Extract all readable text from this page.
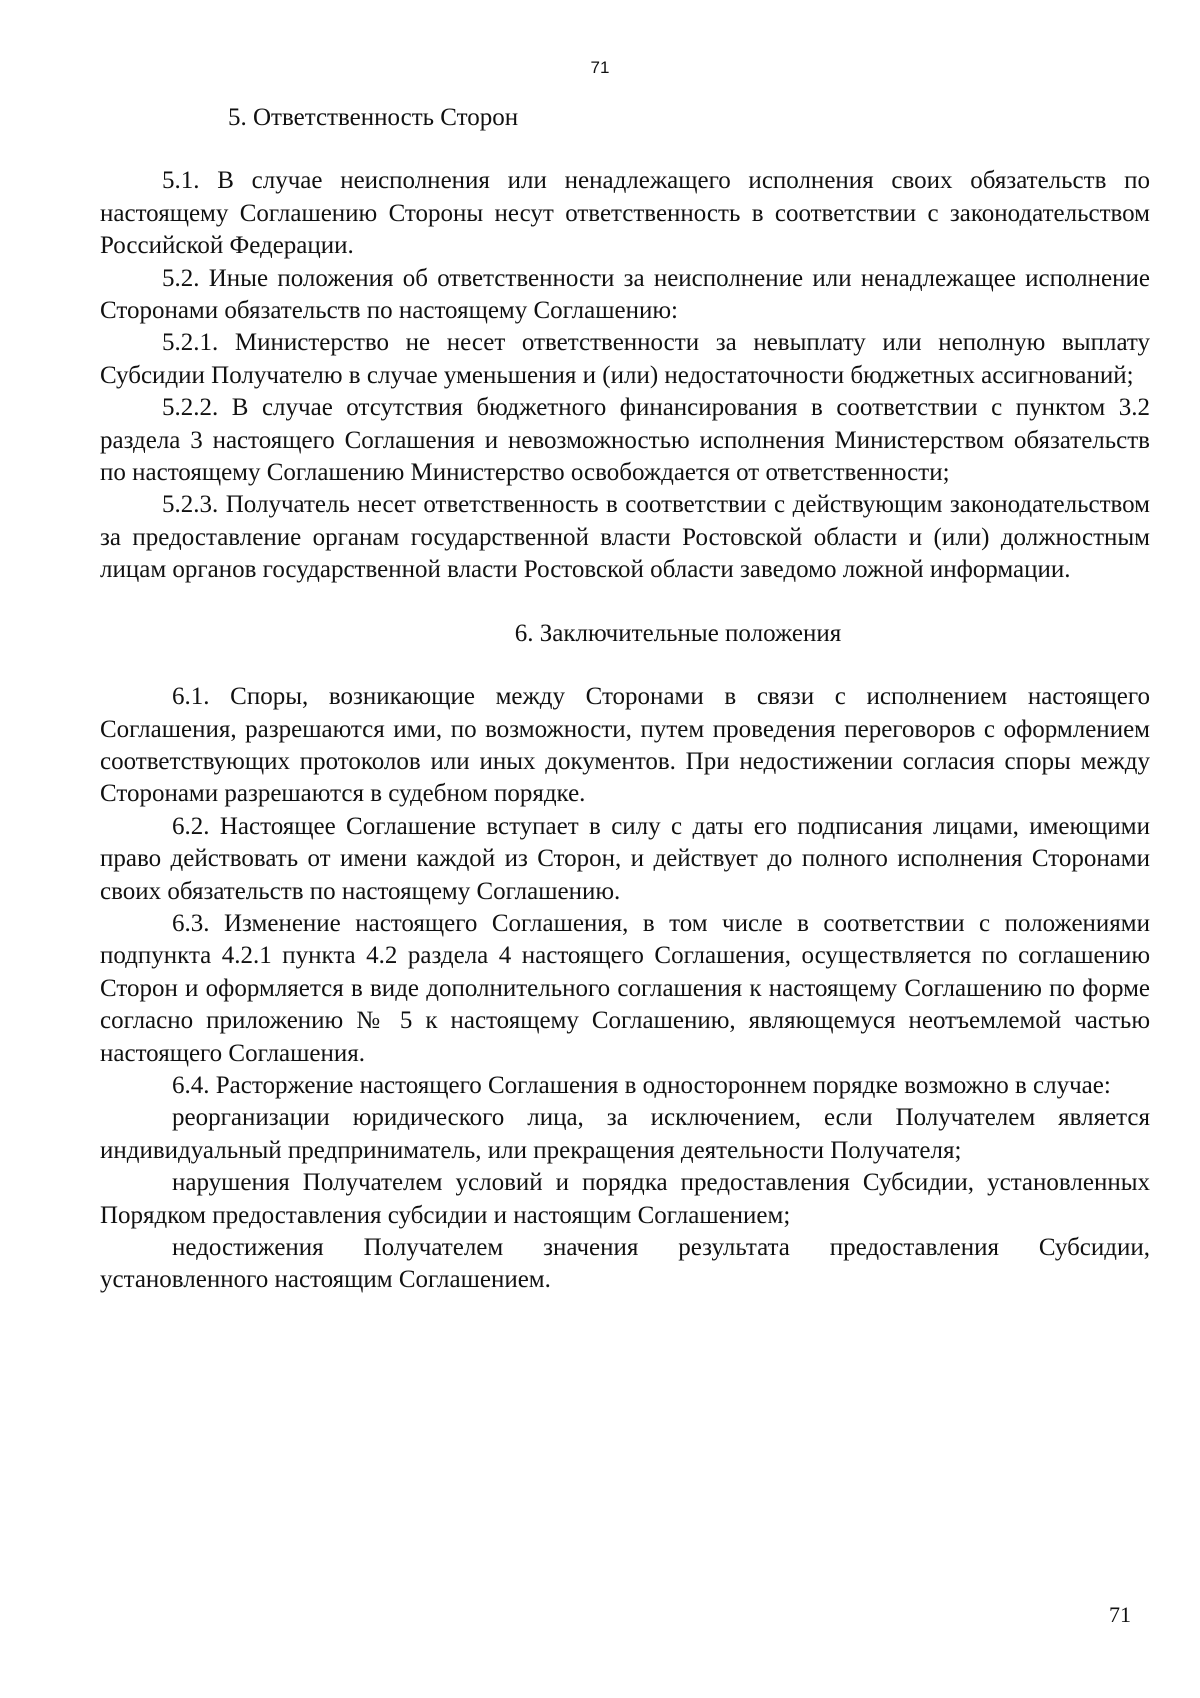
71
5. Ответственность Сторон

5.1. В случае неисполнения или ненадлежащего исполнения своих обязательств по настоящему Соглашению Стороны несут ответственность в соответствии с законодательством Российской Федерации.

5.2. Иные положения об ответственности за неисполнение или ненадлежащее исполнение Сторонами обязательств по настоящему Соглашению:

5.2.1. Министерство не несет ответственности за невыплату или неполную выплату Субсидии Получателю в случае уменьшения и (или) недостаточности бюджетных ассигнований;

5.2.2. В случае отсутствия бюджетного финансирования в соответствии с пунктом 3.2 раздела 3 настоящего Соглашения и невозможностью исполнения Министерством обязательств по настоящему Соглашению Министерство освобождается от ответственности;

5.2.3. Получатель несет ответственность в соответствии с действующим законодательством за предоставление органам государственной власти Ростовской области и (или) должностным лицам органов государственной власти Ростовской области заведомо ложной информации.

6. Заключительные положения

6.1. Споры, возникающие между Сторонами в связи с исполнением настоящего Соглашения, разрешаются ими, по возможности, путем проведения переговоров с оформлением соответствующих протоколов или иных документов. При недостижении согласия споры между Сторонами разрешаются в судебном порядке.

6.2. Настоящее Соглашение вступает в силу с даты его подписания лицами, имеющими право действовать от имени каждой из Сторон, и действует до полного исполнения Сторонами своих обязательств по настоящему Соглашению.

6.3. Изменение настоящего Соглашения, в том числе в соответствии с положениями подпункта 4.2.1 пункта 4.2 раздела 4 настоящего Соглашения, осуществляется по соглашению Сторон и оформляется в виде дополнительного соглашения к настоящему Соглашению по форме согласно приложению № 5 к настоящему Соглашению, являющемуся неотъемлемой частью настоящего Соглашения.

6.4. Расторжение настоящего Соглашения в одностороннем порядке возможно в случае:

реорганизации юридического лица, за исключением, если Получателем является индивидуальный предприниматель, или прекращения деятельности Получателя;

нарушения Получателем условий и порядка предоставления Субсидии, установленных Порядком предоставления субсидии и настоящим Соглашением;

недостижения Получателем значения результата предоставления Субсидии, установленного настоящим Соглашением.

71
